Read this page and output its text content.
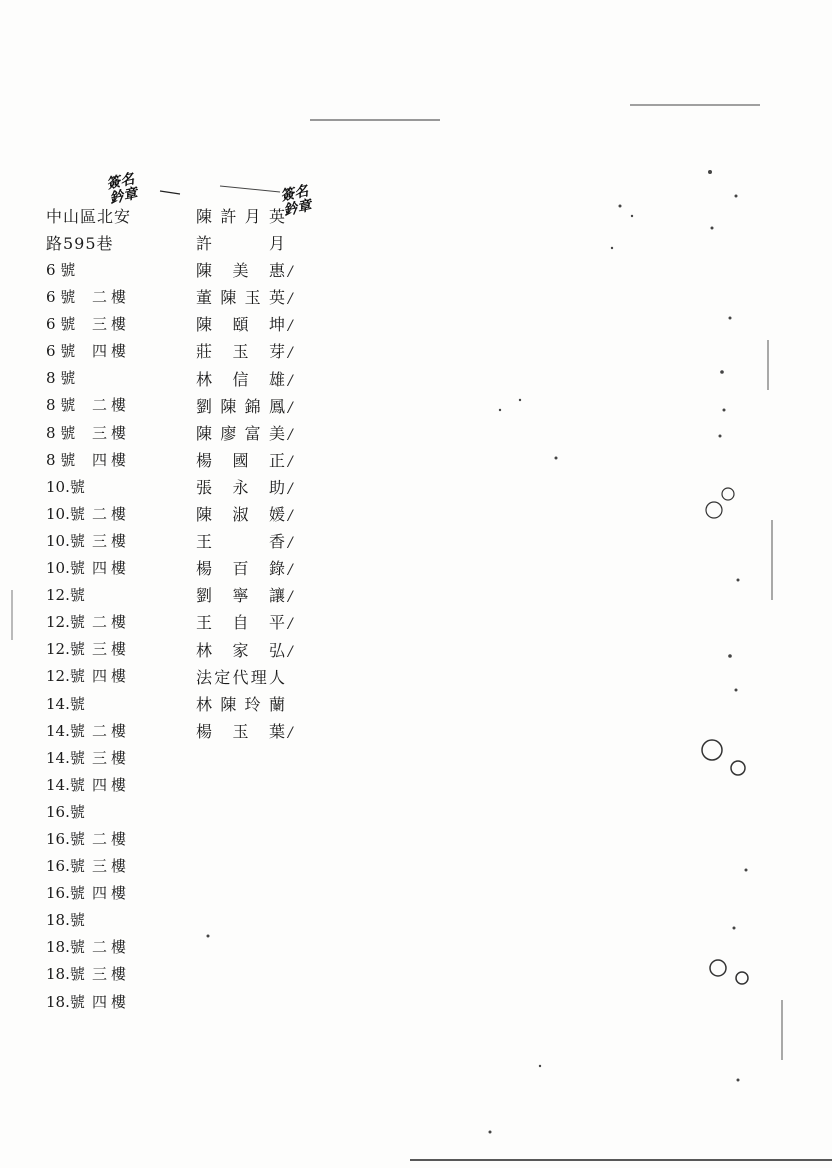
簽名鈐章	簽名鈐章
中山區北安
路595巷
6 號
6 號 二樓
6 號 三樓
6 號 四樓
8 號
8 號 二樓
8 號 三樓
8 號 四樓
10.號
10.號 二樓
10.號 三樓
10.號 四樓
12.號
12.號 二樓
12.號 三樓
12.號 四樓
14.號
14.號 二樓
14.號 三樓
14.號 四樓
16.號
16.號 二樓
16.號 三樓
16.號 四樓
18.號
18.號 二樓
18.號 三樓
18.號 四樓
陳許月英
許月
陳美惠 /
董陳玉英 /
陳頤坤 /
莊玉芽 /
林信雄 /
劉陳錦鳳 /
陳廖富美 /
楊國正 /
張永助 /
陳淑媛 /
王香 /
楊百錄 /
劉寧讓 /
王自平 /
林家弘 /
法定代理人
林陳玲蘭
楊玉葉 /
